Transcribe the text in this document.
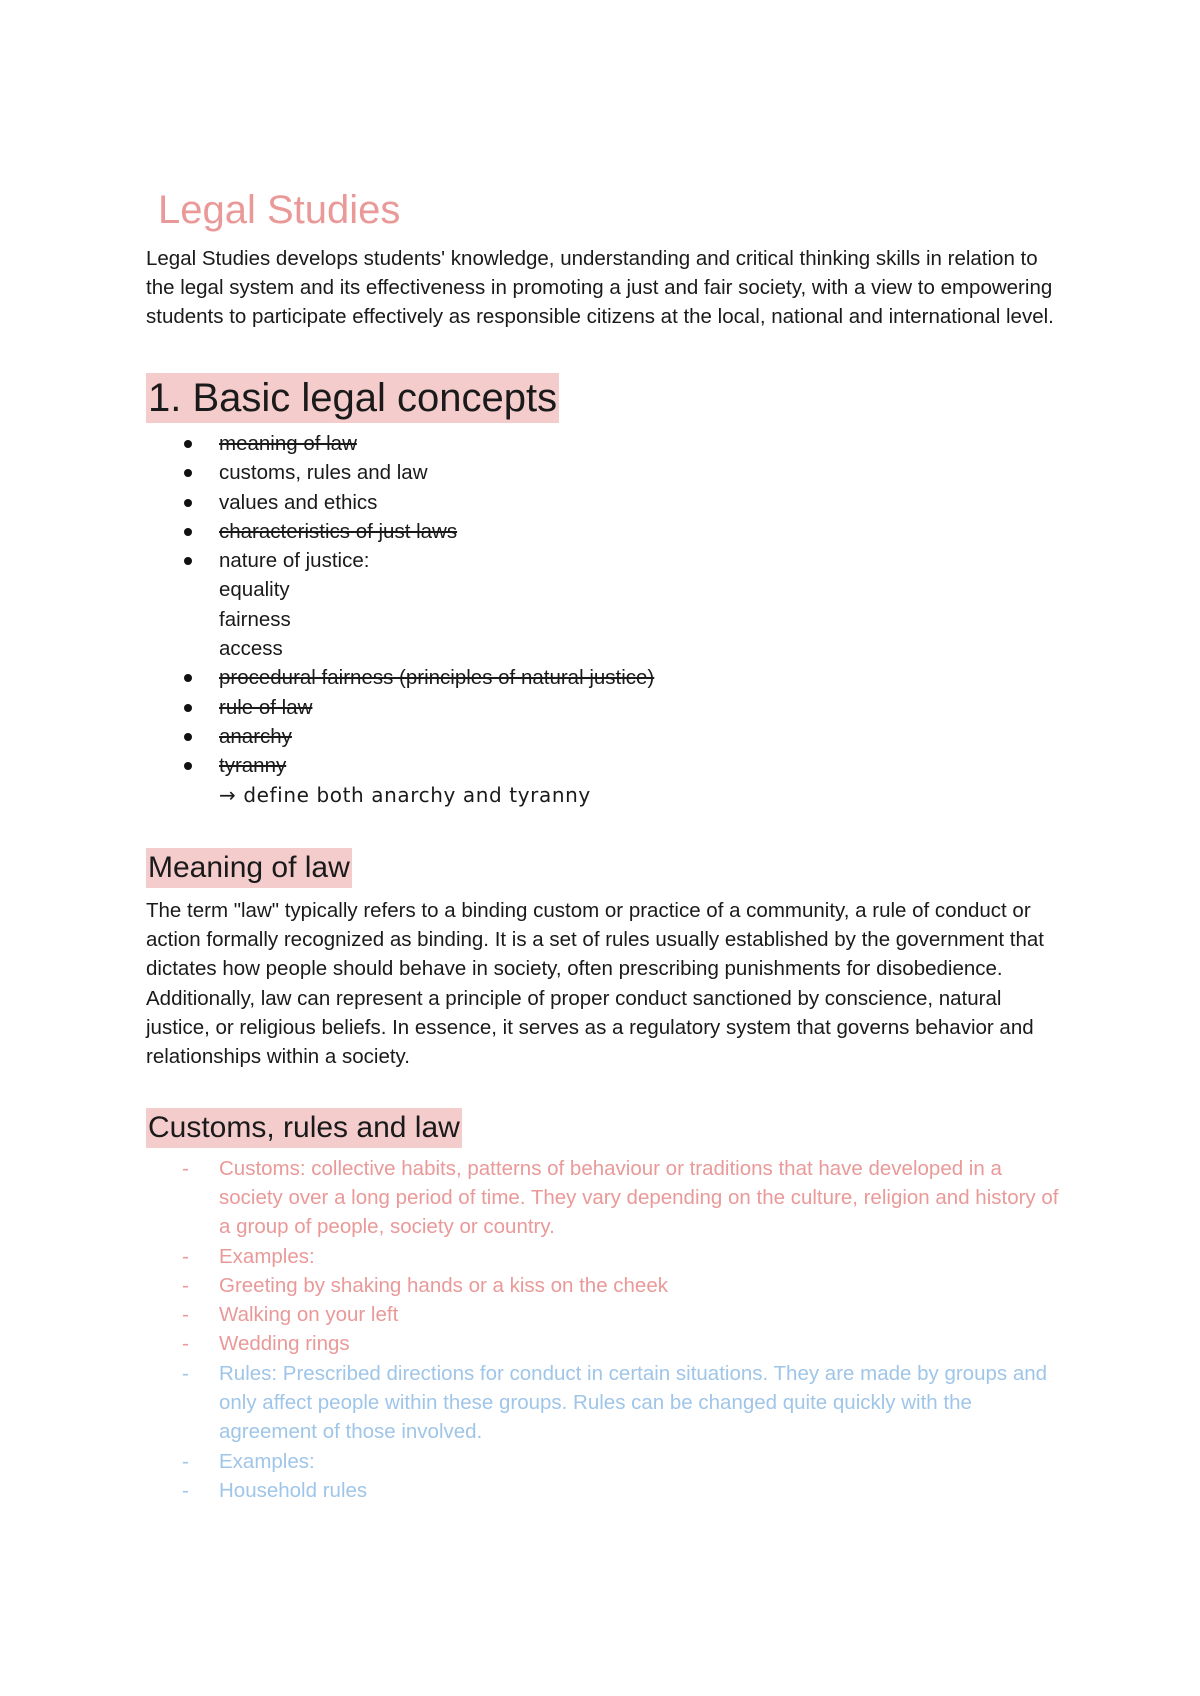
Legal Studies

Legal Studies develops students' knowledge, understanding and critical thinking skills in relation to the legal system and its effectiveness in promoting a just and fair society, with a view to empowering students to participate effectively as responsible citizens at the local, national and international level.

1. Basic legal concepts
meaning of law
customs, rules and law
values and ethics
characteristics of just laws
nature of justice:
equality
fairness
access
procedural fairness (principles of natural justice)
rule of law
anarchy
tyranny
→ define both anarchy and tyranny
Meaning of law

The term "law" typically refers to a binding custom or practice of a community, a rule of conduct or action formally recognized as binding. It is a set of rules usually established by the government that dictates how people should behave in society, often prescribing punishments for disobedience. Additionally, law can represent a principle of proper conduct sanctioned by conscience, natural justice, or religious beliefs. In essence, it serves as a regulatory system that governs behavior and relationships within a society.

Customs, rules and law
- Customs: collective habits, patterns of behaviour or traditions that have developed in a society over a long period of time. They vary depending on the culture, religion and history of a group of people, society or country.
- Examples:
- Greeting by shaking hands or a kiss on the cheek
- Walking on your left
- Wedding rings
- Rules: Prescribed directions for conduct in certain situations. They are made by groups and only affect people within these groups. Rules can be changed quite quickly with the agreement of those involved.
- Examples:
- Household rules
